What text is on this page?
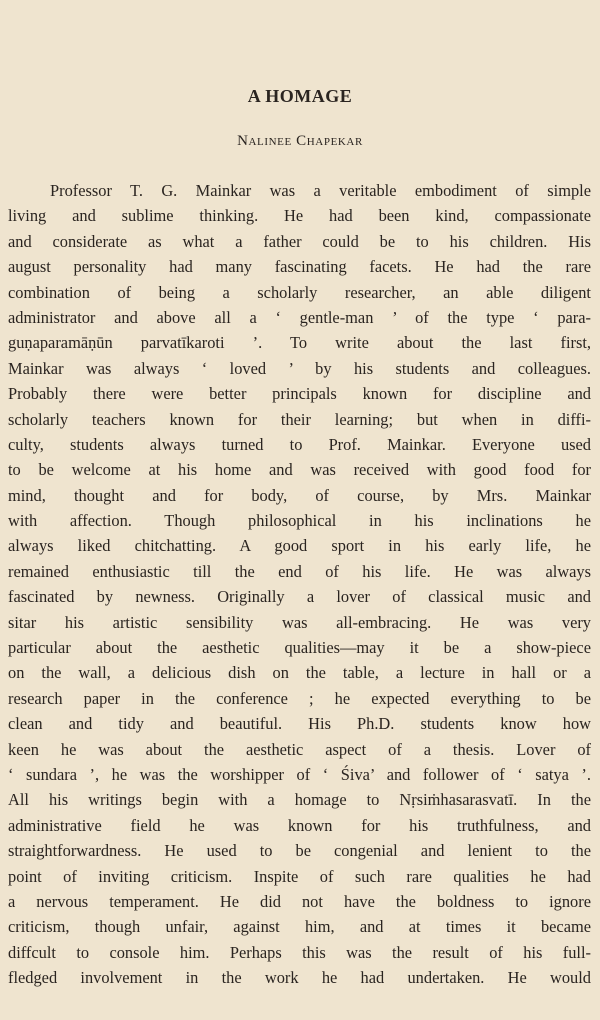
A HOMAGE
Nalinee Chapekar
Professor T. G. Mainkar was a veritable embodiment of simple
living and sublime thinking. He had been kind, compassionate
and considerate as what a father could be to his children. His
august personality had many fascinating facets. He had the rare
combination of being a scholarly researcher, an able diligent
administrator and above all a ‘ gentle-man ’ of the type ‘ para-
guṇaparamāṇūn parvatīkaroti ’. To write about the last first,
Mainkar was always ‘ loved ’ by his students and colleagues.
Probably there were better principals known for discipline and
scholarly teachers known for their learning; but when in diffi-
culty, students always turned to Prof. Mainkar. Everyone used
to be welcome at his home and was received with good food for
mind, thought and for body, of course, by Mrs. Mainkar
with affection. Though philosophical in his inclinations he
always liked chitchatting. A good sport in his early life, he
remained enthusiastic till the end of his life. He was always
fascinated by newness. Originally a lover of classical music and
sitar his artistic sensibility was all-embracing. He was very
particular about the aesthetic qualities—may it be a show-piece
on the wall, a delicious dish on the table, a lecture in hall or a
research paper in the conference ; he expected everything to be
clean and tidy and beautiful. His Ph.D. students know how
keen he was about the aesthetic aspect of a thesis. Lover of
‘ sundara ’, he was the worshipper of ‘ Śiva’ and follower of ‘ satya ’.
All his writings begin with a homage to Nṛsiṁhasarasvatī. In the
administrative field he was known for his truthfulness, and
straightforwardness. He used to be congenial and lenient to the
point of inviting criticism. Inspite of such rare qualities he had
a nervous temperament. He did not have the boldness to ignore
criticism, though unfair, against him, and at times it became
diffcult to console him. Perhaps this was the result of his full-
fledged involvement in the work he had undertaken. He would
